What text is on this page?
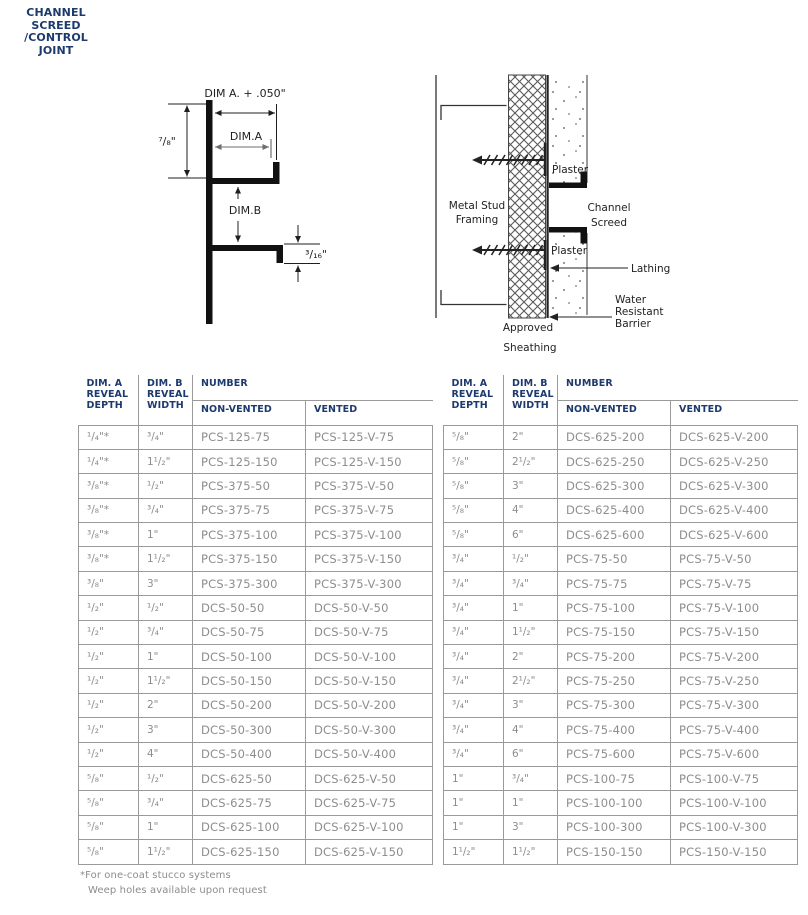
CHANNEL SCREED
/CONTROL JOINT
DIM A. + .050"
DIM.A
⁷/₈"
DIM.B
³/₁₆"
Metal Stud
Framing
Plaster
Channel
Screed
Plaster
Lathing
Water
Resistant
Barrier
Approved
Sheathing
DIM. A
REVEAL
DEPTH

DIM. B
REVEAL
WIDTH
	NUMBER
		NON-VENTED	VENTED
¹/₄"*	³/₄"	PCS-125-75	PCS-125-V-75
¹/₄"*	1¹/₂"	PCS-125-150	PCS-125-V-150
³/₈"*	¹/₂"	PCS-375-50	PCS-375-V-50
³/₈"*	³/₄"	PCS-375-75	PCS-375-V-75
³/₈"*	1"	PCS-375-100	PCS-375-V-100
³/₈"*	1¹/₂"	PCS-375-150	PCS-375-V-150
³/₈"	3"	PCS-375-300	PCS-375-V-300
¹/₂"	¹/₂"	DCS-50-50	DCS-50-V-50
¹/₂"	³/₄"	DCS-50-75	DCS-50-V-75
¹/₂"	1"	DCS-50-100	DCS-50-V-100
¹/₂"	1¹/₂"	DCS-50-150	DCS-50-V-150
¹/₂"	2"	DCS-50-200	DCS-50-V-200
¹/₂"	3"	DCS-50-300	DCS-50-V-300
¹/₂"	4"	DCS-50-400	DCS-50-V-400
⁵/₈"	¹/₂"	DCS-625-50	DCS-625-V-50
⁵/₈"	³/₄"	DCS-625-75	DCS-625-V-75
⁵/₈"	1"	DCS-625-100	DCS-625-V-100
⁵/₈"	1¹/₂"	DCS-625-150	DCS-625-V-150
DIM. A
REVEAL
DEPTH

DIM. B
REVEAL
WIDTH
	NUMBER
		NON-VENTED	VENTED
⁵/₈"	2"	DCS-625-200	DCS-625-V-200
⁵/₈"	2¹/₂"	DCS-625-250	DCS-625-V-250
⁵/₈"	3"	DCS-625-300	DCS-625-V-300
⁵/₈"	4"	DCS-625-400	DCS-625-V-400
⁵/₈"	6"	DCS-625-600	DCS-625-V-600
³/₄"	¹/₂"	PCS-75-50	PCS-75-V-50
³/₄"	³/₄"	PCS-75-75	PCS-75-V-75
³/₄"	1"	PCS-75-100	PCS-75-V-100
³/₄"	1¹/₂"	PCS-75-150	PCS-75-V-150
³/₄"	2"	PCS-75-200	PCS-75-V-200
³/₄"	2¹/₂"	PCS-75-250	PCS-75-V-250
³/₄"	3"	PCS-75-300	PCS-75-V-300
³/₄"	4"	PCS-75-400	PCS-75-V-400
³/₄"	6"	PCS-75-600	PCS-75-V-600
1"	³/₄"	PCS-100-75	PCS-100-V-75
1"	1"	PCS-100-100	PCS-100-V-100
1"	3"	PCS-100-300	PCS-100-V-300
1¹/₂"	1¹/₂"	PCS-150-150	PCS-150-V-150
*For one-coat stucco systems
Weep holes available upon request
